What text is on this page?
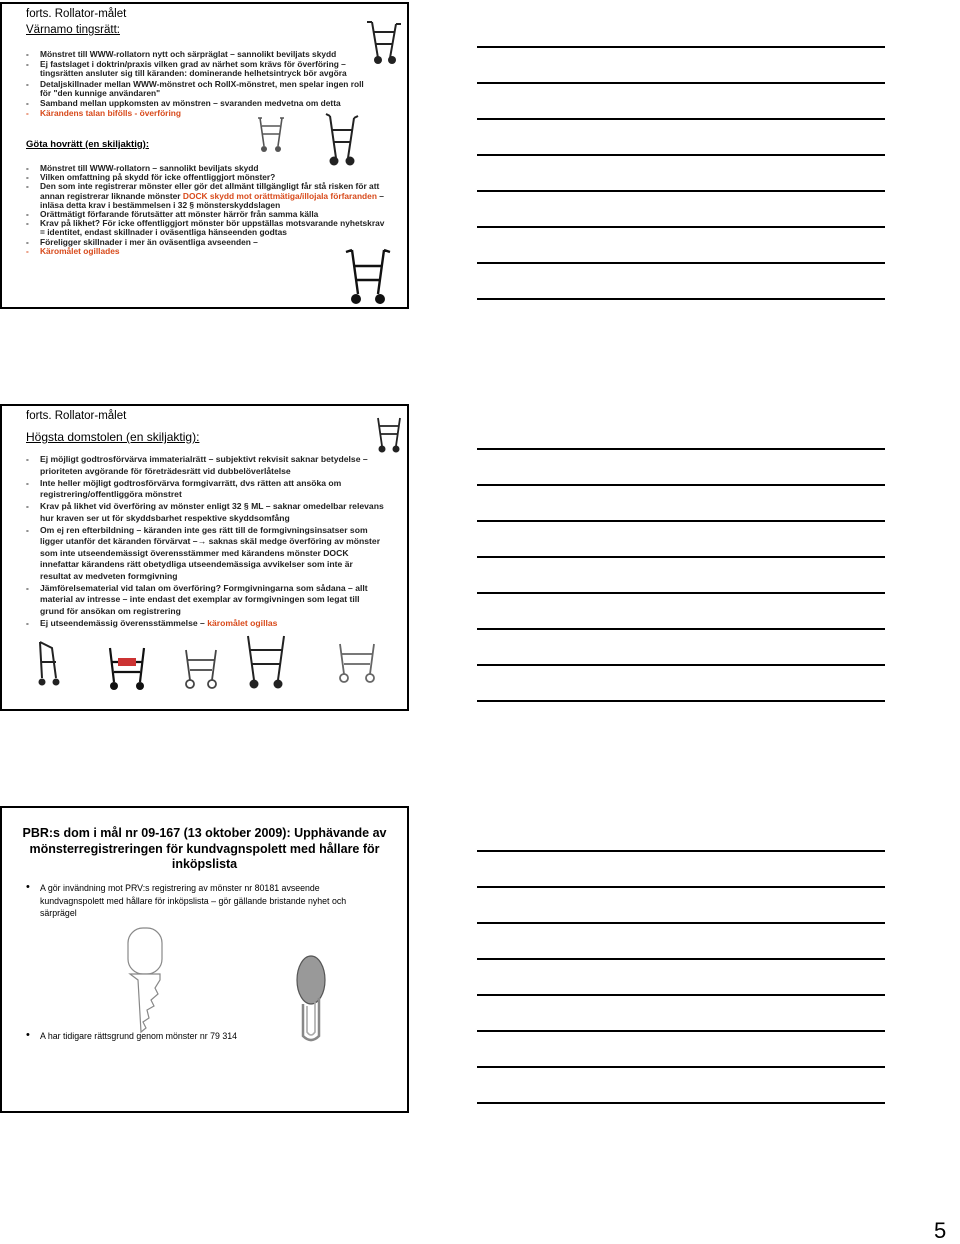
forts. Rollator-målet
Värnamo tingsrätt:
- Mönstret till WWW-rollatorn nytt och särpräglat – sannolikt beviljats skydd
- Ej fastslaget i doktrin/praxis vilken grad av närhet som krävs för överföring – tingsrätten ansluter sig till käranden: dominerande helhetsintryck bör avgöra
- Detaljskillnader mellan WWW-mönstret och RollX-mönstret, men spelar ingen roll för "den kunnige användaren"
- Samband mellan uppkomsten av mönstren – svaranden medvetna om detta
- Kärandens talan bifölls - överföring
Göta hovrätt (en skiljaktig):
- Mönstret till WWW-rollatorn – sannolikt beviljats skydd
- Vilken omfattning på skydd för icke offentliggjort mönster?
- Den som inte registrerar mönster eller gör det allmänt tillgängligt får stå risken för att annan registrerar liknande mönster DOCK skydd mot orättmätiga/illojala förfaranden – inläsa detta krav i bestämmelsen i 32 § mönsterskyddslagen
- Orättmätigt förfarande förutsätter att mönster härrör från samma källa
- Krav på likhet? För icke offentliggjort mönster bör uppställas motsvarande nyhetskrav = identitet, endast skillnader i oväsentliga hänseenden godtas
- Föreligger skillnader i mer än oväsentliga avseenden –
- Käromålet ogillades
forts. Rollator-målet
Högsta domstolen (en skiljaktig):
- Ej möjligt godtrosförvärva immaterialrätt – subjektivt rekvisit saknar betydelse – prioriteten avgörande för företrädesrätt vid dubbelöverlåtelse
- Inte heller möjligt godtrosförvärva formgivarrätt, dvs rätten att ansöka om registrering/offentliggöra mönstret
- Krav på likhet vid överföring av mönster enligt 32 § ML – saknar omedelbar relevans hur kraven ser ut för skyddsbarhet respektive skyddsomfång
- Om ej ren efterbildning – käranden inte ges rätt till de formgivningsinsatser som ligger utanför det käranden förvärvat –→ saknas skäl medge överföring av mönster som inte utseendemässigt överensstämmer med kärandens mönster DOCK innefattar kärandens rätt obetydliga utseendemässiga avvikelser som inte är resultat av medveten formgivning
- Jämförelsematerial vid talan om överföring? Formgivningarna som sådana – allt material av intresse – inte endast det exemplar av formgivningen som legat till grund för ansökan om registrering
- Ej utseendemässig överensstämmelse – käromålet ogillas
PBR:s dom i mål nr 09-167 (13 oktober 2009): Upphävande av mönsterregistreringen för kundvagnspolett med hållare för inköpslista
• A gör invändning mot PRV:s registrering av mönster nr 80181 avseende kundvagnspolett med hållare för inköpslista – gör gällande bristande nyhet och särprägel
• A har tidigare rättsgrund genom mönster nr 79 314
5
